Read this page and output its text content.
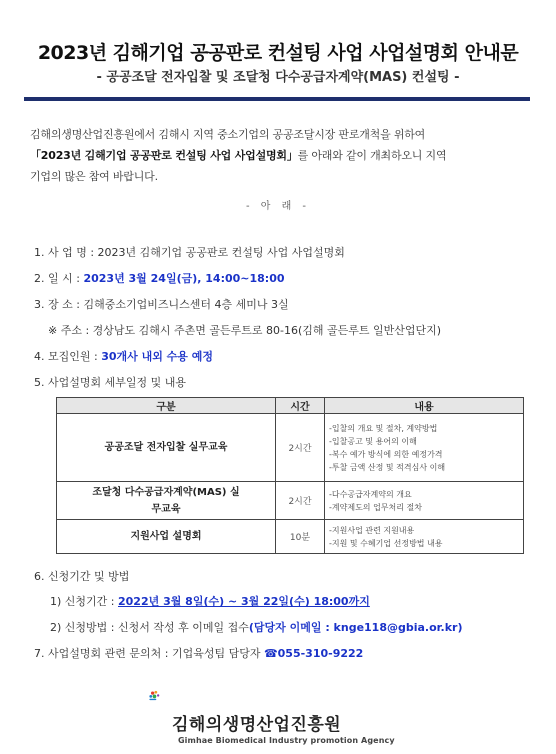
2023년 김해기업 공공판로 컨설팅 사업 사업설명회 안내문
- 공공조달 전자입찰 및 조달청 다수공급자계약(MAS) 컨설팅 -
김해의생명산업진흥원에서 김해시 지역 중소기업의 공공조달시장 판로개척을 위하여
「2023년 김해기업 공공판로 컨설팅 사업 사업설명회」를 아래와 같이 개최하오니 지역
기업의 많은 참여 바랍니다.
- 아 래 -
1. 사 업 명 : 2023년 김해기업 공공판로 컨설팅 사업 사업설명회
2. 일 시 : 2023년 3월 24일(금), 14:00~18:00
3. 장 소 : 김해중소기업비즈니스센터 4층 세미나 3실
※ 주소 : 경상남도 김해시 주촌면 골든루트로 80-16(김해 골든루트 일반산업단지)
4. 모집인원 : 30개사 내외 수용 예정
5. 사업설명회 세부일정 및 내용
구분	시간	내용
공공조달 전자입찰 실무교육	2시간	-입찰의 개요 및 절차, 계약방법
-입찰공고 및 용어의 이해
-복수 예가 방식에 의한 예정가격
-투찰 금액 산정 및 적격심사 이해

조달청 다수공급자계약(MAS) 실무교육	2시간	-다수공급자계약의 개요
-계약제도의 업무처리 절차

지원사업 설명회	10분	-지원사업 관련 지원내용
-지원 및 수혜기업 선정방법 내용
6. 신청기간 및 방법
1) 신청기간 : 2022년 3월 8일(수) ~ 3월 22일(수) 18:00까지
2) 신청방법 : 신청서 작성 후 이메일 접수(담당자 이메일 : knge118@gbia.or.kr)
7. 사업설명회 관련 문의처 : 기업육성팀 담당자 ☎055-310-9222
김해의생명산업진흥원
Gimhae Biomedical Industry promotion Agency
